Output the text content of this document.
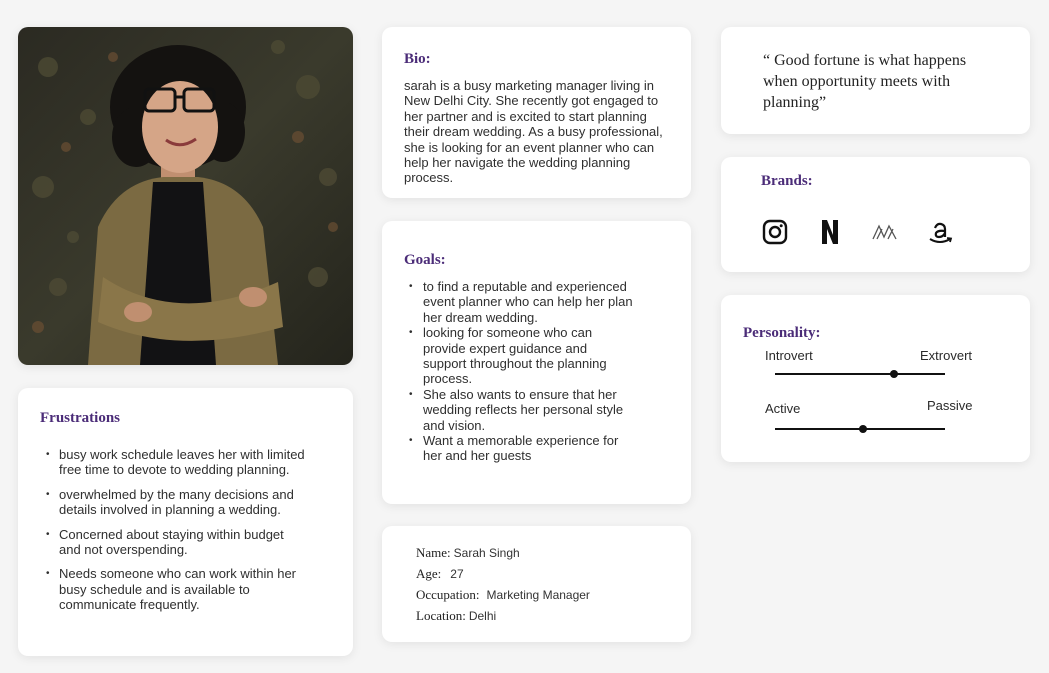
Frustrations
• busy work schedule leaves her with limited free time to devote to wedding planning.
• overwhelmed by the many decisions and details involved in planning a wedding.
• Concerned about staying within budget and not overspending.
• Needs someone who can work within her busy schedule and is available to communicate frequently.
Bio:
sarah is a busy marketing manager living in New Delhi City. She recently got engaged to her partner and is excited to start planning their dream wedding. As a busy professional, she is looking for an event planner who can help her navigate the wedding planning process.
Goals:
• to find a reputable and experienced event planner who can help her plan her dream wedding.
• looking for someone who can provide expert guidance and support throughout the planning process.
• She also wants to ensure that her wedding reflects her personal style and vision.
• Want a memorable experience for her and her guests
Name: Sarah Singh
Age: 27
Occupation: Marketing Manager
Location: Delhi
“ Good fortune is what happens when opportunity meets with planning”
Brands:
Personality:
Introvert	Extrovert
Active	Passive
